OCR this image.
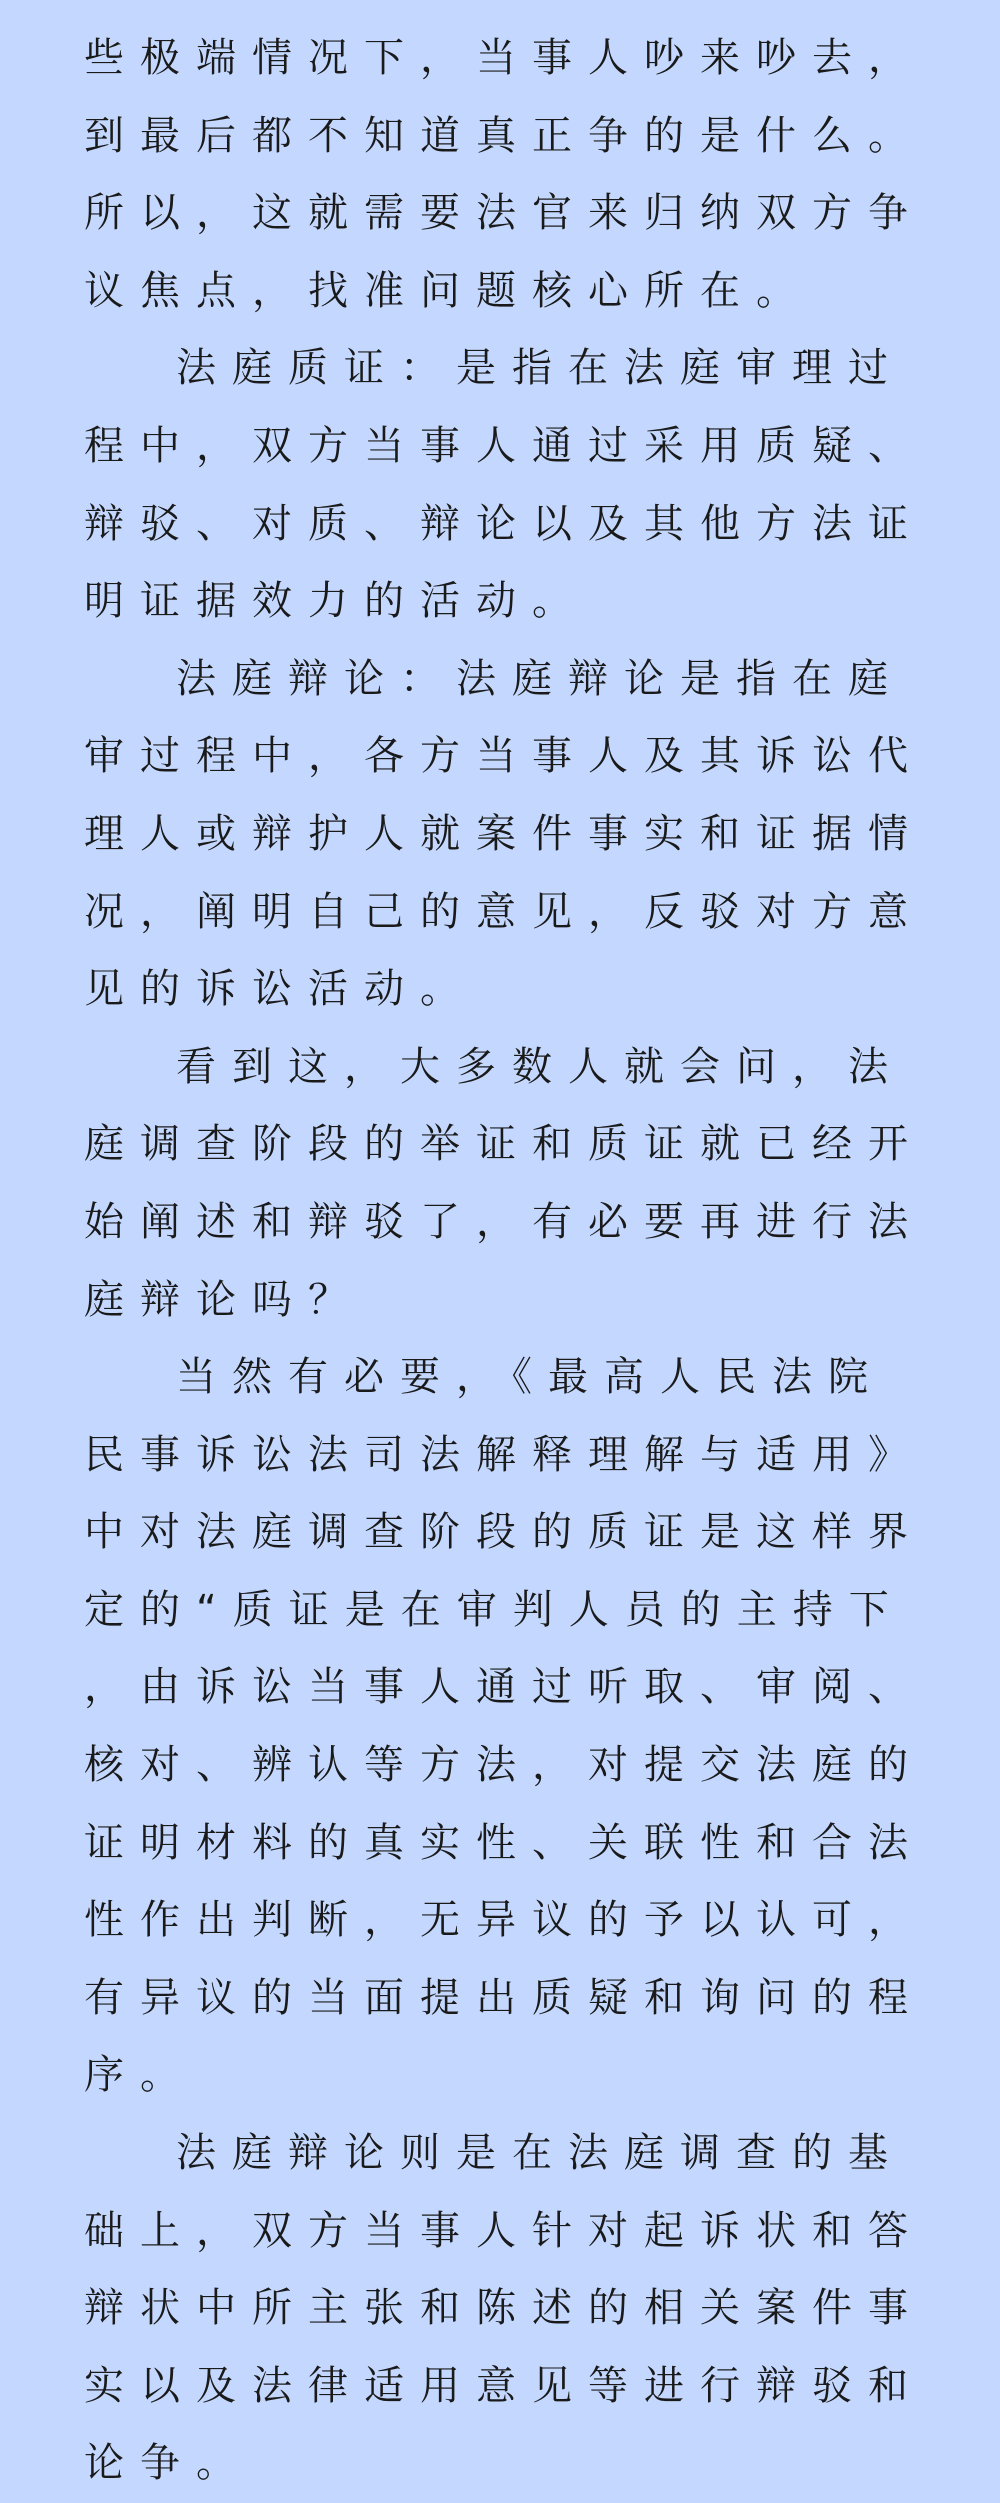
些极端情况下，当事人吵来吵去，
到最后都不知道真正争的是什么。
所以，这就需要法官来归纳双方争
议焦点，找准问题核心所在。
法庭质证：是指在法庭审理过
程中，双方当事人通过采用质疑、
辩驳、对质、辩论以及其他方法证
明证据效力的活动。
法庭辩论：法庭辩论是指在庭
审过程中，各方当事人及其诉讼代
理人或辩护人就案件事实和证据情
况，阐明自己的意见，反驳对方意
见的诉讼活动。
看到这，大多数人就会问，法
庭调查阶段的举证和质证就已经开
始阐述和辩驳了，有必要再进行法
庭辩论吗？
当然有必要，《最高人民法院
民事诉讼法司法解释理解与适用》
中对法庭调查阶段的质证是这样界
定的“质证是在审判人员的主持下
，由诉讼当事人通过听取、审阅、
核对、辨认等方法，对提交法庭的
证明材料的真实性、关联性和合法
性作出判断，无异议的予以认可，
有异议的当面提出质疑和询问的程
序。
法庭辩论则是在法庭调查的基
础上，双方当事人针对起诉状和答
辩状中所主张和陈述的相关案件事
实以及法律适用意见等进行辩驳和
论争。
